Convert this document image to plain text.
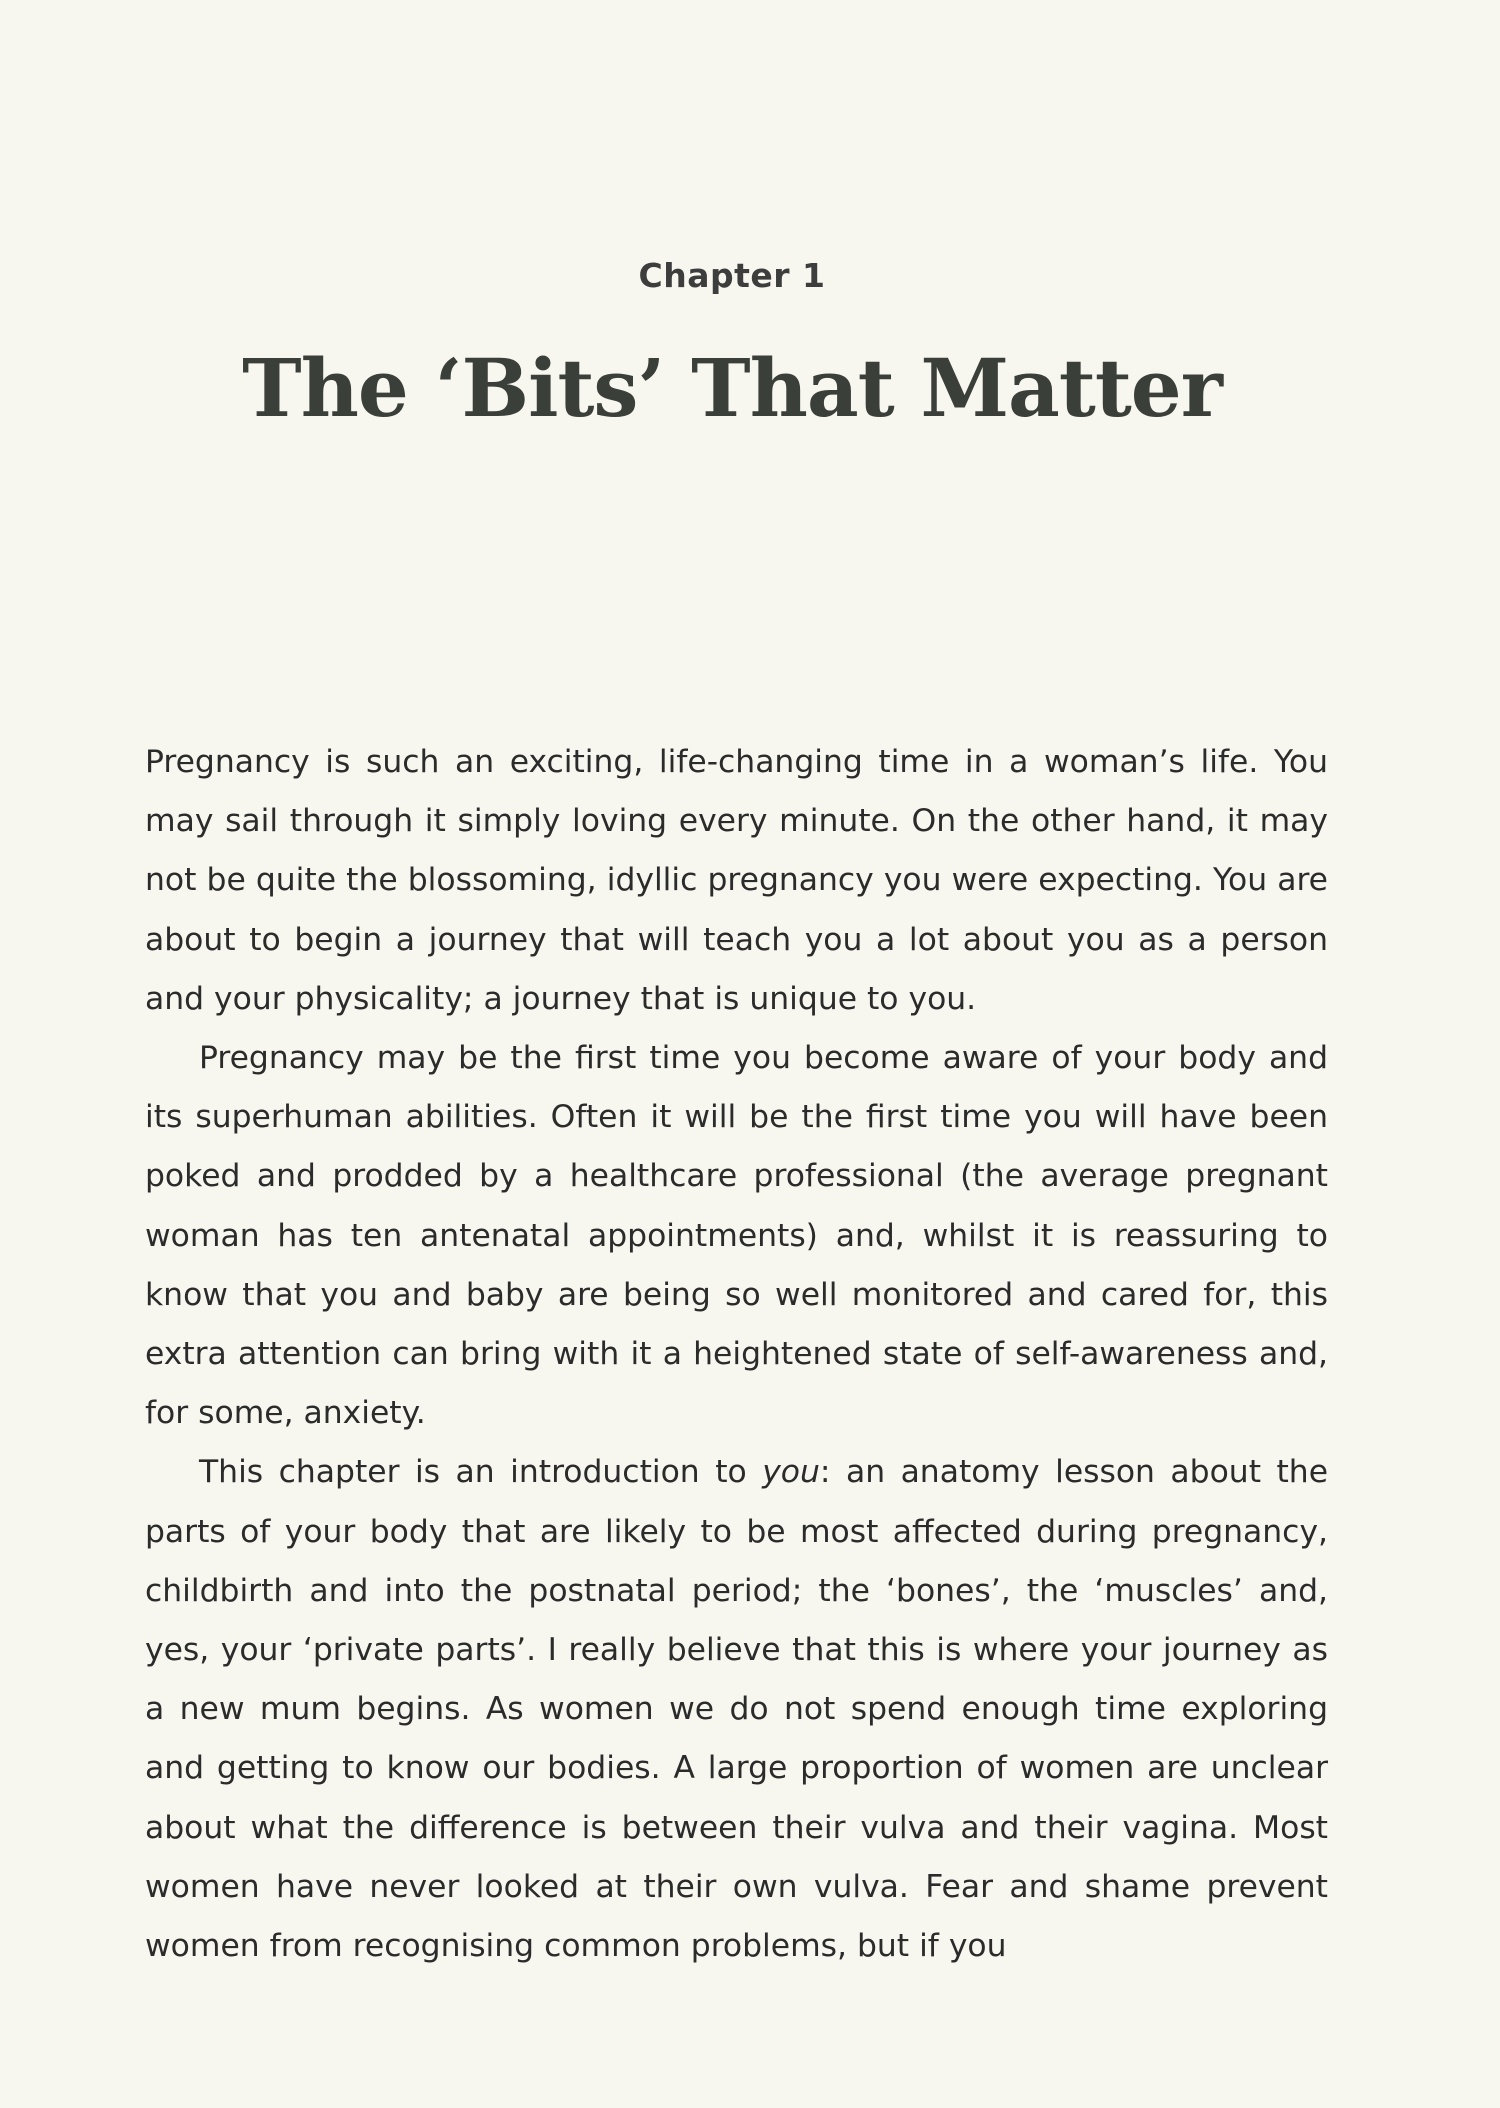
Chapter 1
The ‘Bits’ That Matter

Pregnancy is such an exciting, life-changing time in a woman’s life. You may sail through it simply loving every minute. On the other hand, it may not be quite the blossoming, idyllic pregnancy you were expecting. You are about to begin a journey that will teach you a lot about you as a person and your physicality; a journey that is unique to you.

Pregnancy may be the first time you become aware of your body and its superhuman abilities. Often it will be the first time you will have been poked and prodded by a healthcare professional (the average pregnant woman has ten antenatal appointments) and, whilst it is reassuring to know that you and baby are being so well monitored and cared for, this extra attention can bring with it a heightened state of self-awareness and, for some, anxiety.

This chapter is an introduction to you: an anatomy lesson about the parts of your body that are likely to be most affected during pregnancy, childbirth and into the postnatal period; the ‘bones’, the ‘muscles’ and, yes, your ‘private parts’. I really believe that this is where your journey as a new mum begins. As women we do not spend enough time exploring and getting to know our bodies. A large proportion of women are unclear about what the difference is between their vulva and their vagina. Most women have never looked at their own vulva. Fear and shame prevent women from recognising common problems, but if you
